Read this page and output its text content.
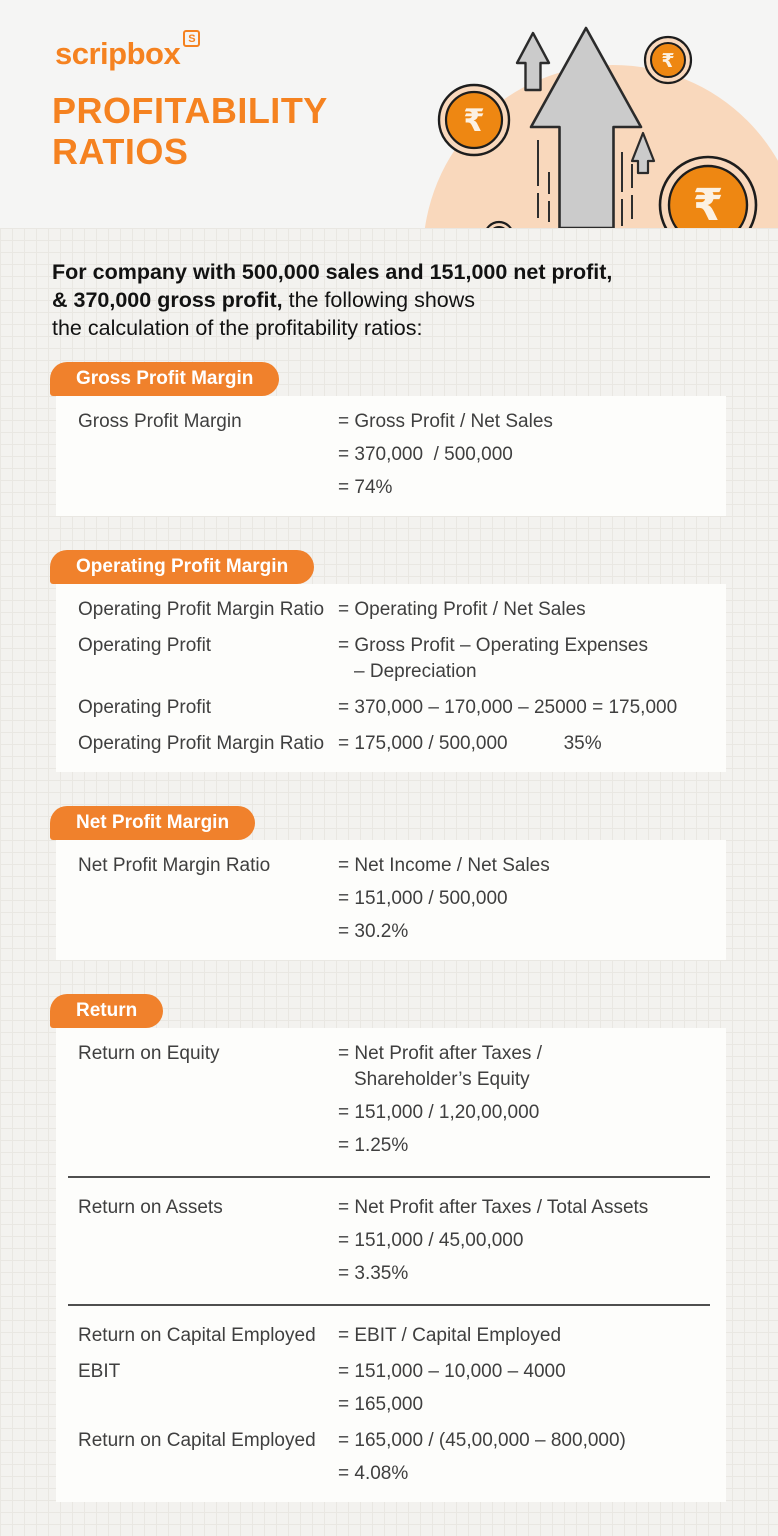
scripbox S
PROFITABILITY
RATIOS
₹
₹
₹

For company with 500,000 sales and 151,000 net profit,
& 370,000 gross profit, the following shows
the calculation of the profitability ratios:

Gross Profit Margin
Gross Profit Margin	= Gross Profit / Net Sales
= 370,000  / 500,000
= 74%
Operating Profit Margin
Operating Profit Margin Ratio = Operating Profit / Net Sales
Operating Profit	= Gross Profit – Operating Expenses
– Depreciation
Operating Profit	= 370,000 – 170,000 – 25000 = 175,000
Operating Profit Margin Ratio = 175,000 / 500,000	35%
Net Profit Margin
Net Profit Margin Ratio	= Net Income / Net Sales
= 151,000 / 500,000
= 30.2%
Return
Return on Equity	= Net Profit after Taxes /
Shareholder’s Equity
= 151,000 / 1,20,00,000
= 1.25%
Return on Assets	= Net Profit after Taxes / Total Assets
= 151,000 / 45,00,000
= 3.35%
Return on Capital Employed	= EBIT / Capital Employed
EBIT	= 151,000 – 10,000 – 4000
= 165,000
Return on Capital Employed	= 165,000 / (45,00,000 – 800,000)
= 4.08%
